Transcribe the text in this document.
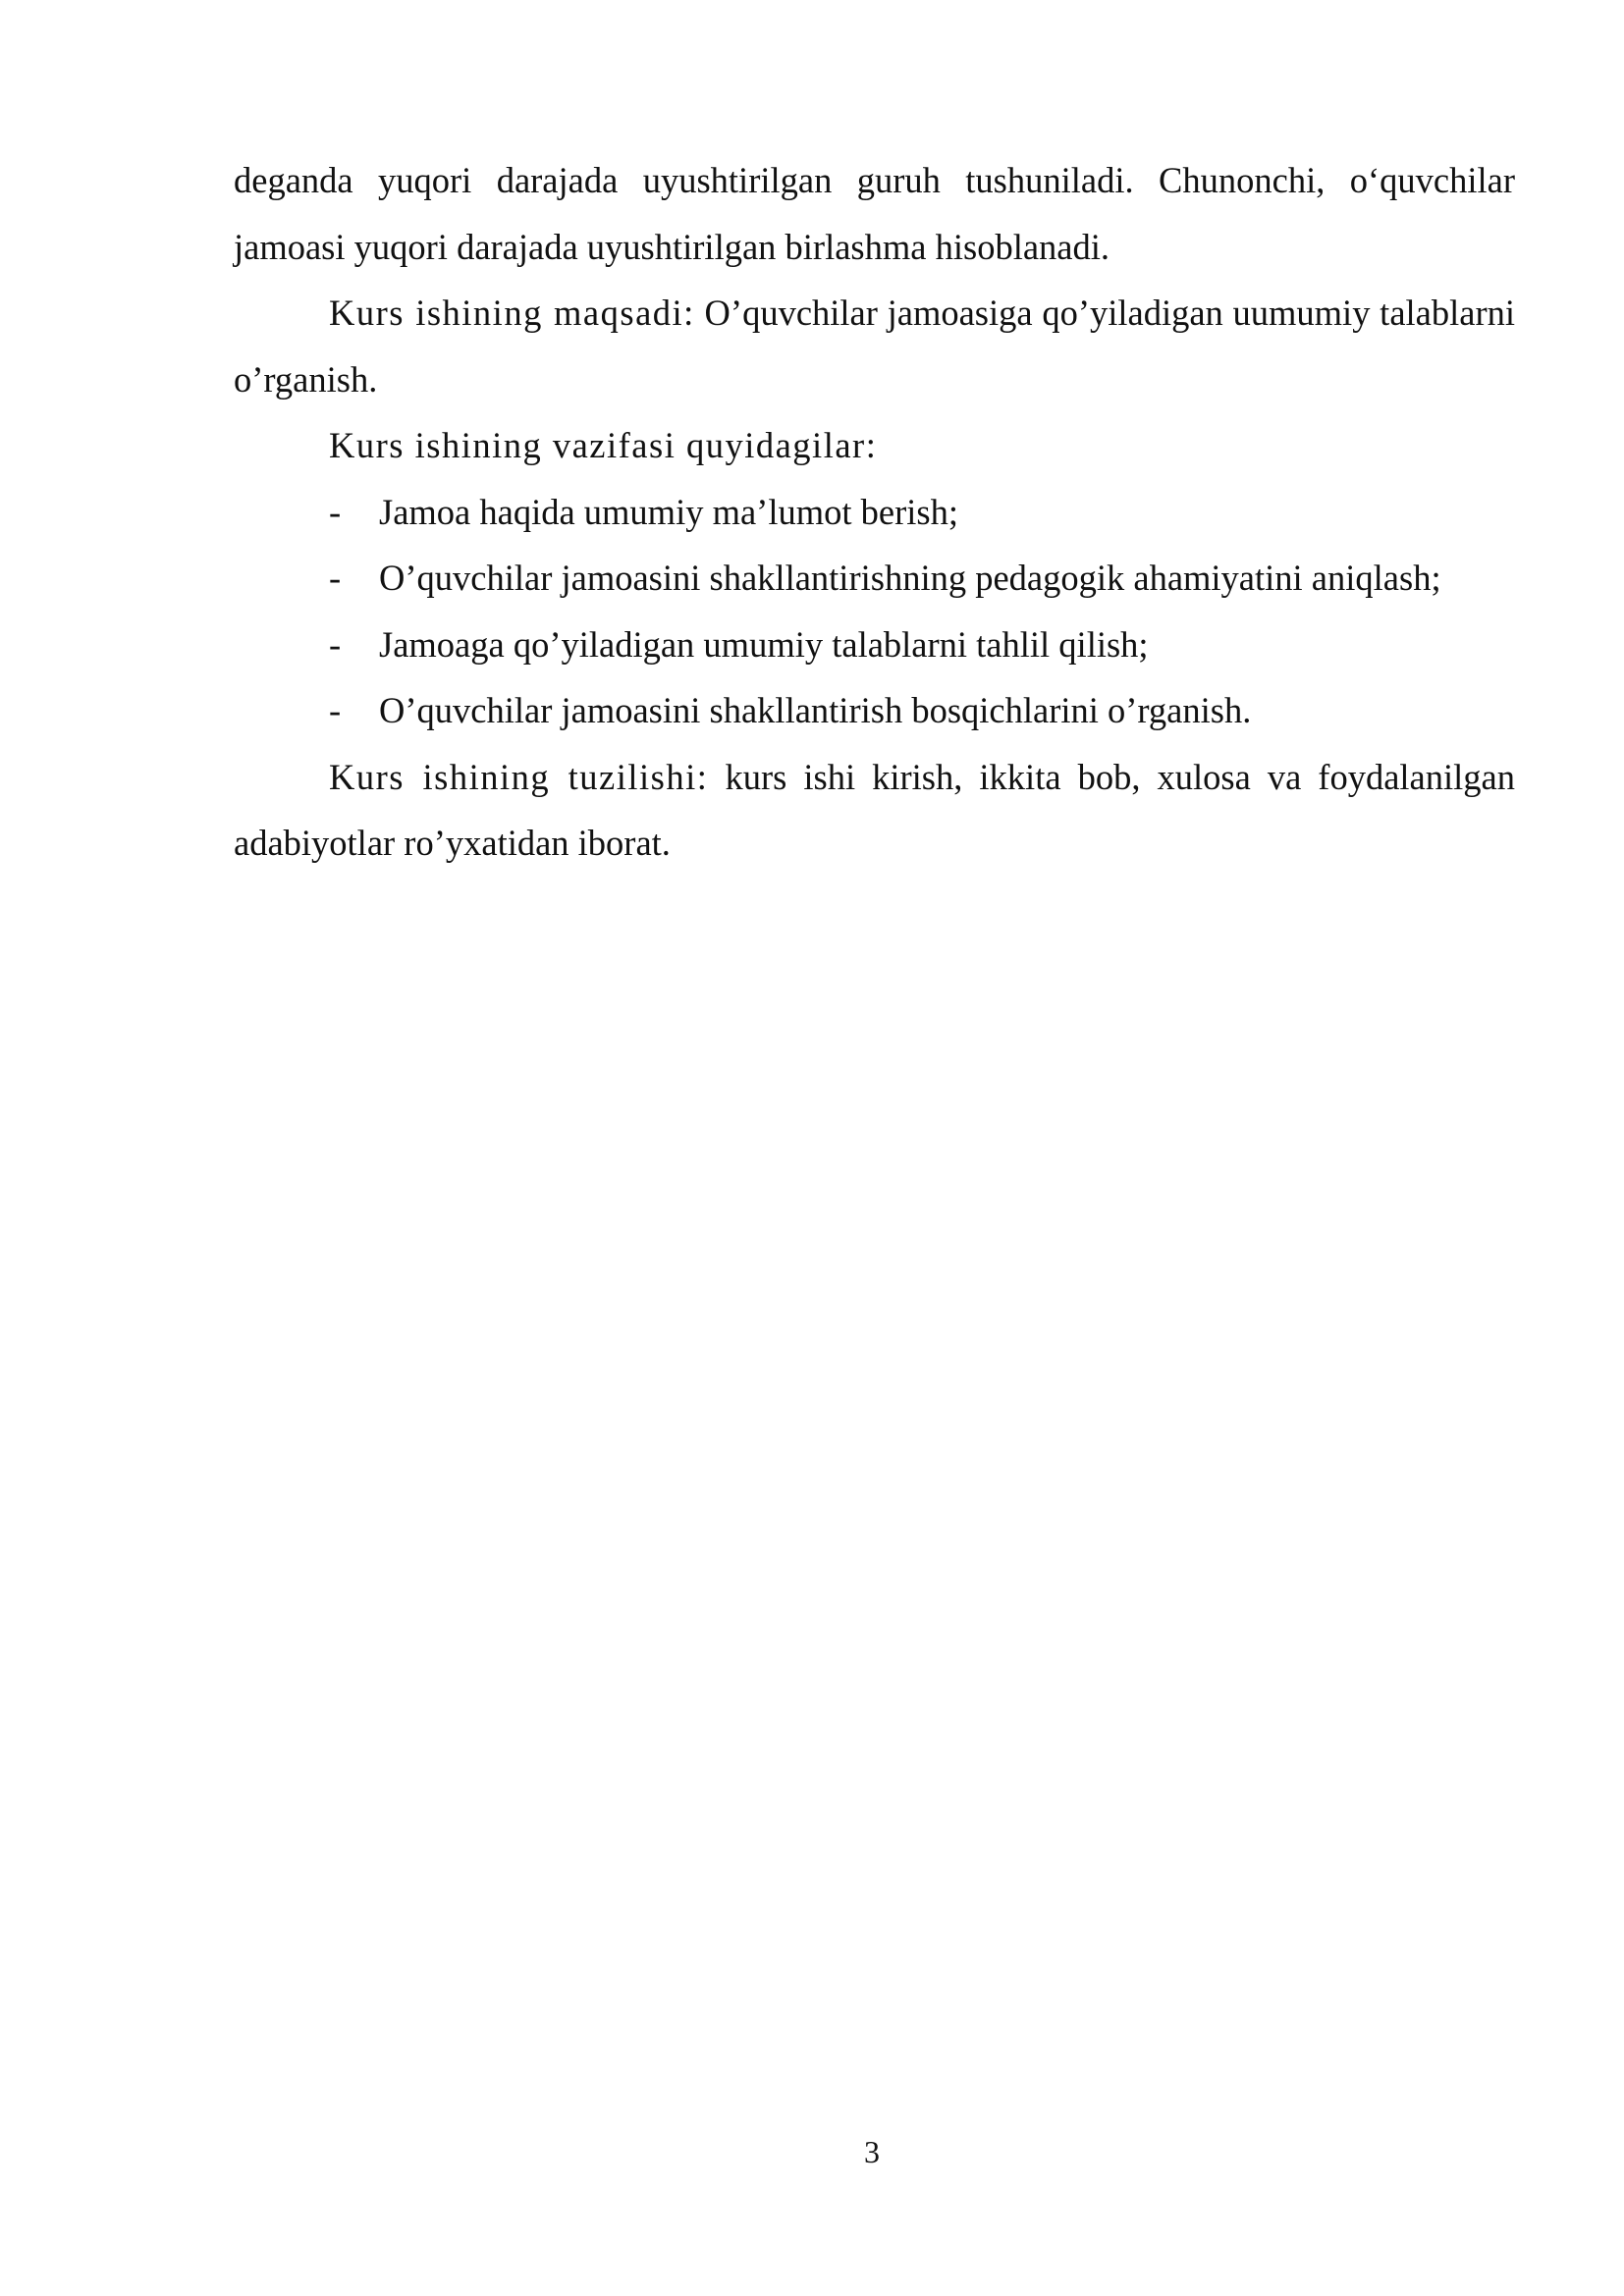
deganda yuqori darajada uyushtirilgan guruh tushuniladi. Chunonchi, o‘quvchilar jamoasi yuqori darajada uyushtirilgan birlashma hisoblanadi.

Kurs ishining maqsadi: O’quvchilar jamoasiga qo’yiladigan uumumiy talablarni o’rganish.

Kurs ishining vazifasi quyidagilar:

- Jamoa haqida umumiy ma’lumot berish;
- O’quvchilar jamoasini shakllantirishning pedagogik ahamiyatini aniqlash;
- Jamoaga qo’yiladigan umumiy talablarni tahlil qilish;
- O’quvchilar jamoasini shakllantirish bosqichlarini o’rganish.

Kurs ishining tuzilishi: kurs ishi kirish, ikkita bob, xulosa va foydalanilgan adabiyotlar ro’yxatidan iborat.

3
